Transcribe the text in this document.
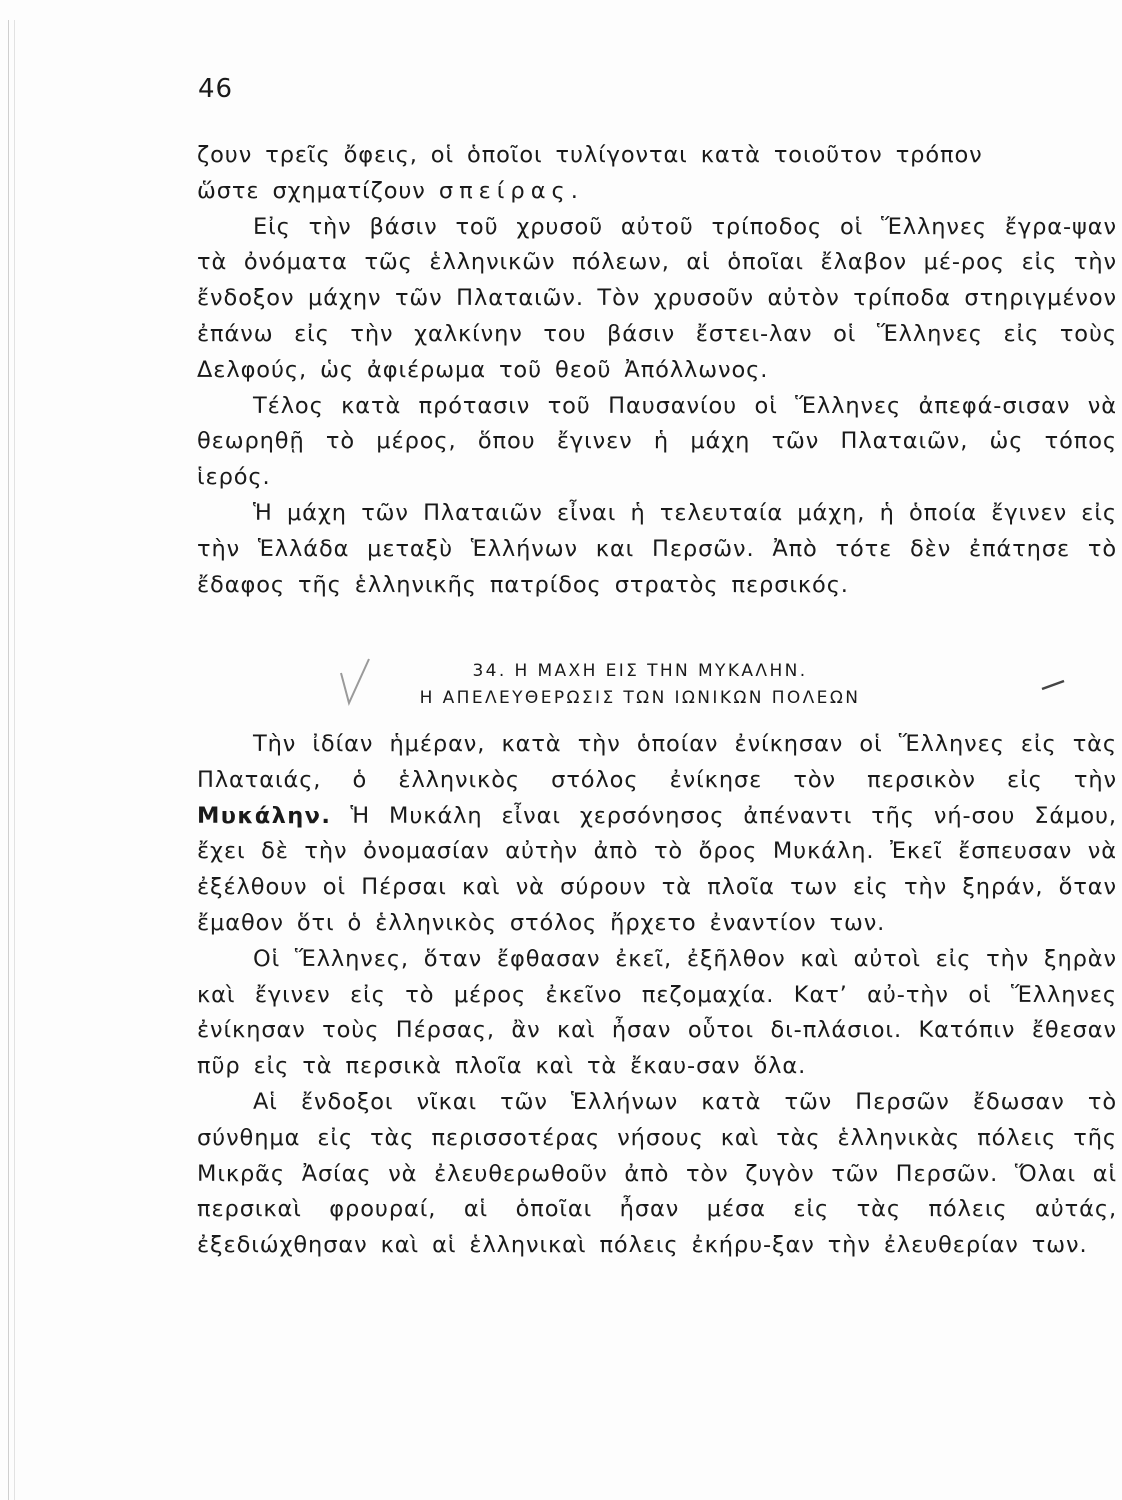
46

ζουν τρεῖς ὄφεις, οἱ ὁποῖοι τυλίγονται κατὰ τοιοῦτον τρόπον
ὥστε σχηματίζουν σπείρας.

Εἰς τὴν βάσιν τοῦ χρυσοῦ αὐτοῦ τρίποδος οἱ Ἕλληνες ἔγρα-ψαν τὰ ὀνόματα τῶς ἑλληνικῶν πόλεων, αἱ ὁποῖαι ἔλαβον μέ-ρος εἰς τὴν ἔνδοξον μάχην τῶν Πλαταιῶν. Τὸν χρυσοῦν αὐτὸν τρίποδα στηριγμένον ἐπάνω εἰς τὴν χαλκίνην του βάσιν ἔστει-λαν οἱ Ἕλληνες εἰς τοὺς Δελφούς, ὡς ἀφιέρωμα τοῦ θεοῦ Ἀπόλλωνος.

Τέλος κατὰ πρότασιν τοῦ Παυσανίου οἱ Ἕλληνες ἀπεφά-σισαν νὰ θεωρηθῇ τὸ μέρος, ὅπου ἔγινεν ἡ μάχη τῶν Πλαταιῶν, ὡς τόπος ἱερός.

Ἡ μάχη τῶν Πλαταιῶν εἶναι ἡ τελευταία μάχη, ἡ ὁποία ἔγινεν εἰς τὴν Ἑλλάδα μεταξὺ Ἑλλήνων και Περσῶν. Ἀπὸ τότε δὲν ἐπάτησε τὸ ἔδαφος τῆς ἑλληνικῆς πατρίδος στρατὸς περσικός.

34. Η ΜΑΧΗ ΕΙΣ ΤΗΝ ΜΥΚΑΛΗΝ.
Η ΑΠΕΛΕΥΘΕΡΩΣΙΣ ΤΩΝ ΙΩΝΙΚΩΝ ΠΟΛΕΩΝ

Τὴν ἰδίαν ἡμέραν, κατὰ τὴν ὁποίαν ἐνίκησαν οἱ Ἕλληνες εἰς τὰς Πλαταιάς, ὁ ἑλληνικὸς στόλος ἐνίκησε τὸν περσικὸν εἰς τὴν Μυκάλην. Ἡ Μυκάλη εἶναι χερσόνησος ἀπέναντι τῆς νή-σου Σάμου, ἔχει δὲ τὴν ὀνομασίαν αὐτὴν ἀπὸ τὸ ὄρος Μυκάλη. Ἐκεῖ ἔσπευσαν νὰ ἐξέλθουν οἱ Πέρσαι καὶ νὰ σύρουν τὰ πλοῖα των εἰς τὴν ξηράν, ὅταν ἔμαθον ὅτι ὁ ἑλληνικὸς στόλος ἤρχετο ἐναντίον των.

Οἱ Ἕλληνες, ὅταν ἔφθασαν ἐκεῖ, ἐξῆλθον καὶ αὐτοὶ εἰς τὴν ξηρὰν καὶ ἔγινεν εἰς τὸ μέρος ἐκεῖνο πεζομαχία. Κατ’ αὐ-τὴν οἱ Ἕλληνες ἐνίκησαν τοὺς Πέρσας, ἂν καὶ ἦσαν οὗτοι δι-πλάσιοι. Κατόπιν ἔθεσαν πῦρ εἰς τὰ περσικὰ πλοῖα καὶ τὰ ἔκαυ-σαν ὅλα.

Αἱ ἔνδοξοι νῖκαι τῶν Ἑλλήνων κατὰ τῶν Περσῶν ἔδωσαν τὸ σύνθημα εἰς τὰς περισσοτέρας νήσους καὶ τὰς ἑλληνικὰς πόλεις τῆς Μικρᾶς Ἀσίας νὰ ἐλευθερωθοῦν ἀπὸ τὸν ζυγὸν τῶν Περσῶν. Ὅλαι αἱ περσικαὶ φρουραί, αἱ ὁποῖαι ἦσαν μέσα εἰς τὰς πόλεις αὐτάς, ἐξεδιώχθησαν καὶ αἱ ἑλληνικαὶ πόλεις ἐκήρυ-ξαν τὴν ἐλευθερίαν των.
